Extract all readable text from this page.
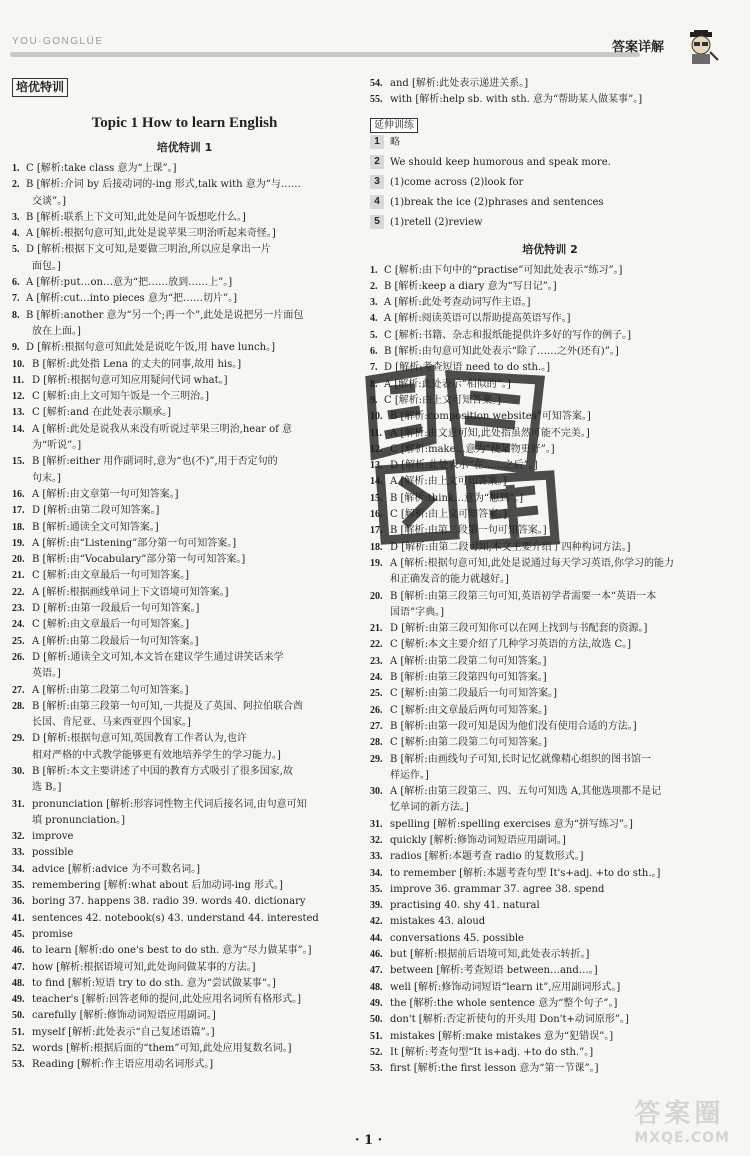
YOU·GONGLÜE	答案详解
培优特训
Topic 1 How to learn English
培优特训 1
1. C [解析:take class 意为“上课”。]
2. B [解析:介词 by 后接动词的-ing 形式,talk with 意为“与……
交谈”。]
3. B [解析:联系上下文可知,此处是问午饭想吃什么。]
4. A [解析:根据句意可知,此处是说苹果三明治听起来奇怪。]
5. D [解析:根据下文可知,是要做三明治,所以应是拿出一片
面包。]
6. A [解析:put…on…意为“把……放到……上”。]
7. A [解析:cut…into pieces 意为“把……切片”。]
8. B [解析:another 意为“另一个;再一个”,此处是说把另一片面包
放在上面。]
9. D [解析:根据句意可知此处是说吃午饭,用 have lunch。]
10. B [解析:此处指 Lena 的丈夫的同事,故用 his。]
11. D [解析:根据句意可知应用疑问代词 what。]
12. C [解析:由上文可知午饭是一个三明治。]
13. C [解析:and 在此处表示顺承。]
14. A [解析:此处是说我从来没有听说过苹果三明治,hear of 意
为“听说”。]
15. B [解析:either 用作副词时,意为“也(不)”,用于否定句的
句末。]
16. A [解析:由文章第一句可知答案。]
17. D [解析:由第二段可知答案。]
18. B [解析:通读全文可知答案。]
19. A [解析:由“Listening”部分第一句可知答案。]
20. B [解析:由“Vocabulary”部分第一句可知答案。]
21. C [解析:由文章最后一句可知答案。]
22. A [解析:根据画线单词上下文语境可知答案。]
23. D [解析:由第一段最后一句可知答案。]
24. C [解析:由文章最后一句可知答案。]
25. A [解析:由第二段最后一句可知答案。]
26. D [解析:通读全文可知,本文旨在建议学生通过讲笑话来学
英语。]
27. A [解析:由第二段第二句可知答案。]
28. B [解析:由第三段第一句可知,一共提及了英国、阿拉伯联合酋
长国、肯尼亚、马来西亚四个国家。]
29. D [解析:根据句意可知,英国教育工作者认为,也许
相对严格的中式教学能够更有效地培养学生的学习能力。]
30. B [解析:本文主要讲述了中国的教育方式吸引了很多国家,故
选 B。]
31. pronunciation [解析:形容词性物主代词后接名词,由句意可知
填 pronunciation。]
32. improve
33. possible
34. advice [解析:advice 为不可数名词。]
35. remembering [解析:what about 后加动词-ing 形式。]
36. boring 37. happens 38. radio 39. words 40. dictionary
41. sentences 42. notebook(s) 43. understand 44. interested
45. promise
46. to learn [解析:do one's best to do sth. 意为“尽力做某事”。]
47. how [解析:根据语境可知,此处询问做某事的方法。]
48. to find [解析:短语 try to do sth. 意为“尝试做某事”。]
49. teacher's [解析:回答老师的提问,此处应用名词所有格形式。]
50. carefully [解析:修饰动词短语应用副词。]
51. myself [解析:此处表示“自己复述语篇”。]
52. words [解析:根据后面的“them”可知,此处应用复数名词。]
53. Reading [解析:作主语应用动名词形式。]
54. and [解析:此处表示递进关系。]
55. with [解析:help sb. with sth. 意为“帮助某人做某事”。]
延伸训练
1 略
2 We should keep humorous and speak more.
3 (1)come across (2)look for
4 (1)break the ice (2)phrases and sentences
5 (1)retell (2)review
培优特训 2
1. C [解析:由下句中的“practise”可知此处表示“练习”。]
2. B [解析:keep a diary 意为“写日记”。]
3. A [解析:此处考查动词写作主语。]
4. A [解析:阅读英语可以帮助提高英语写作。]
5. C [解析:书籍、杂志和报纸能提供许多好的写作的例子。]
6. B [解析:由句意可知此处表示“除了……之外(还有)”。]
7. D [解析:考查短语 need to do sth.。]
8. A [解析:此处表示“相似的”。]
9. C [解析:由上文可知答案。]
10. B [解析:composition websites”可知答案。]
11. A [解析:由文意可知,此处指虽然可能不完美。]
12. C [解析:make…意为“使某物更好”。]
13. D [解析:此处表示“在……之后”。]
14. A [解析:由上文可知答案。]
15. B [解析:think…意为“想到”。]
16. C [解析:由上文可知答案。]
17. B [解析:由第二段第一句可知答案。]
18. D [解析:由第二段可知,本文主要介绍了四种构词方法。]
19. A [解析:根据句意可知,此处是说通过每天学习英语,你学习的能力
和正确发音的能力就越好。]
20. B [解析:由第三段第三句可知,英语初学者需要一本“英语一本
国语”字典。]
21. D [解析:由第三段可知你可以在网上找到与书配套的资源。]
22. C [解析:本文主要介绍了几种学习英语的方法,故选 C。]
23. A [解析:由第二段第二句可知答案。]
24. B [解析:由第三段第四句可知答案。]
25. C [解析:由第二段最后一句可知答案。]
26. C [解析:由文章最后两句可知答案。]
27. B [解析:由第一段可知是因为他们没有使用合适的方法。]
28. C [解析:由第二段第二句可知答案。]
29. B [解析:由画线句子可知,长时记忆就像精心组织的图书馆一
样运作。]
30. A [解析:由第三段第三、四、五句可知选 A,其他选项都不是记
忆单词的新方法。]
31. spelling [解析:spelling exercises 意为“拼写练习”。]
32. quickly [解析:修饰动词短语应用副词。]
33. radios [解析:本题考查 radio 的复数形式。]
34. to remember [解析:本题考查句型 It's+adj. +to do sth.。]
35. improve 36. grammar 37. agree 38. spend
39. practising 40. shy 41. natural
42. mistakes 43. aloud
44. conversations 45. possible
46. but [解析:根据前后语境可知,此处表示转折。]
47. between [解析:考查短语 between…and…。]
48. well [解析:修饰动词短语“learn it”,应用副词形式。]
49. the [解析:the whole sentence 意为“整个句子”。]
50. don't [解析:否定祈使句的开头用 Don't+动词原形”。]
51. mistakes [解析:make mistakes 意为“犯错误”。]
52. It [解析:考查句型“It is+adj. +to do sth.”。]
53. first [解析:the first lesson 意为“第一节课”。]
· 1 ·
答案圈
MXQE.COM
